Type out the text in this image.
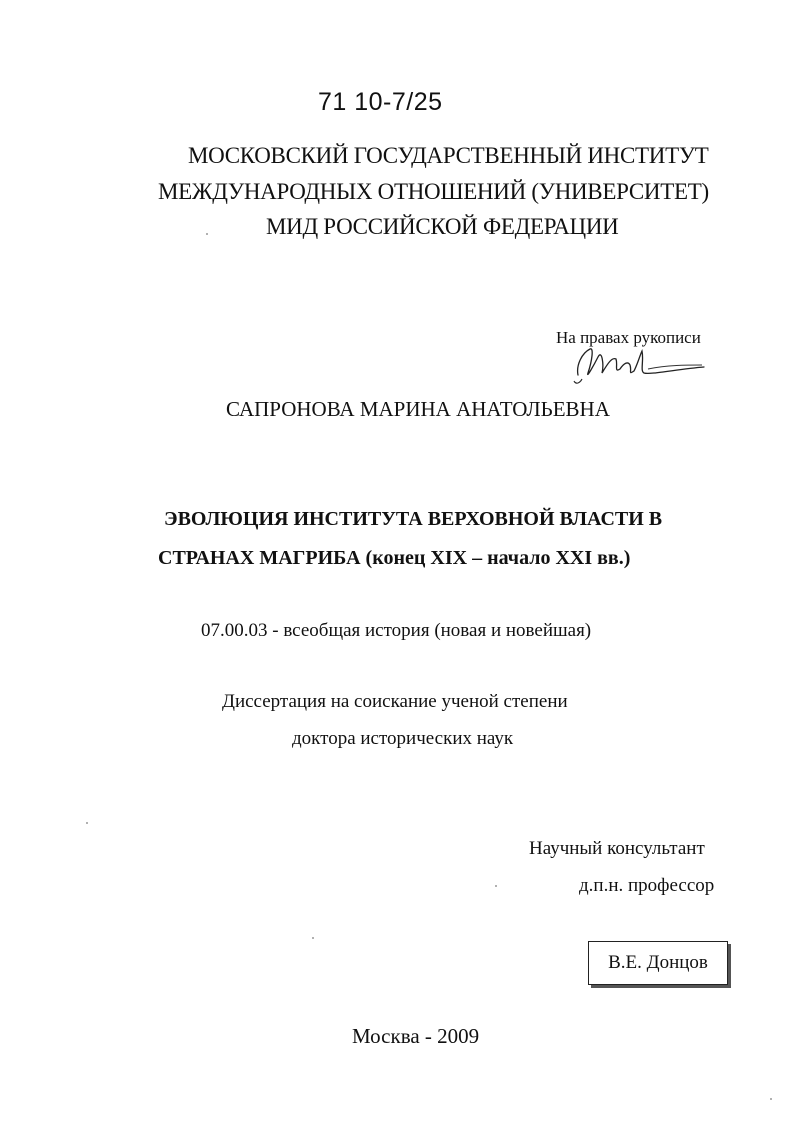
71 10-7/25
МОСКОВСКИЙ ГОСУДАРСТВЕННЫЙ ИНСТИТУТ
МЕЖДУНАРОДНЫХ ОТНОШЕНИЙ (УНИВЕРСИТЕТ)
МИД РОССИЙСКОЙ ФЕДЕРАЦИИ
На правах рукописи
САПРОНОВА МАРИНА АНАТОЛЬЕВНА
ЭВОЛЮЦИЯ ИНСТИТУТА ВЕРХОВНОЙ ВЛАСТИ В
СТРАНАХ МАГРИБА (конец XIX – начало XXI вв.)
07.00.03 - всеобщая история (новая и новейшая)
Диссертация на соискание ученой степени
доктора исторических наук
Научный консультант
д.п.н. профессор
В.Е. Донцов
Москва - 2009
